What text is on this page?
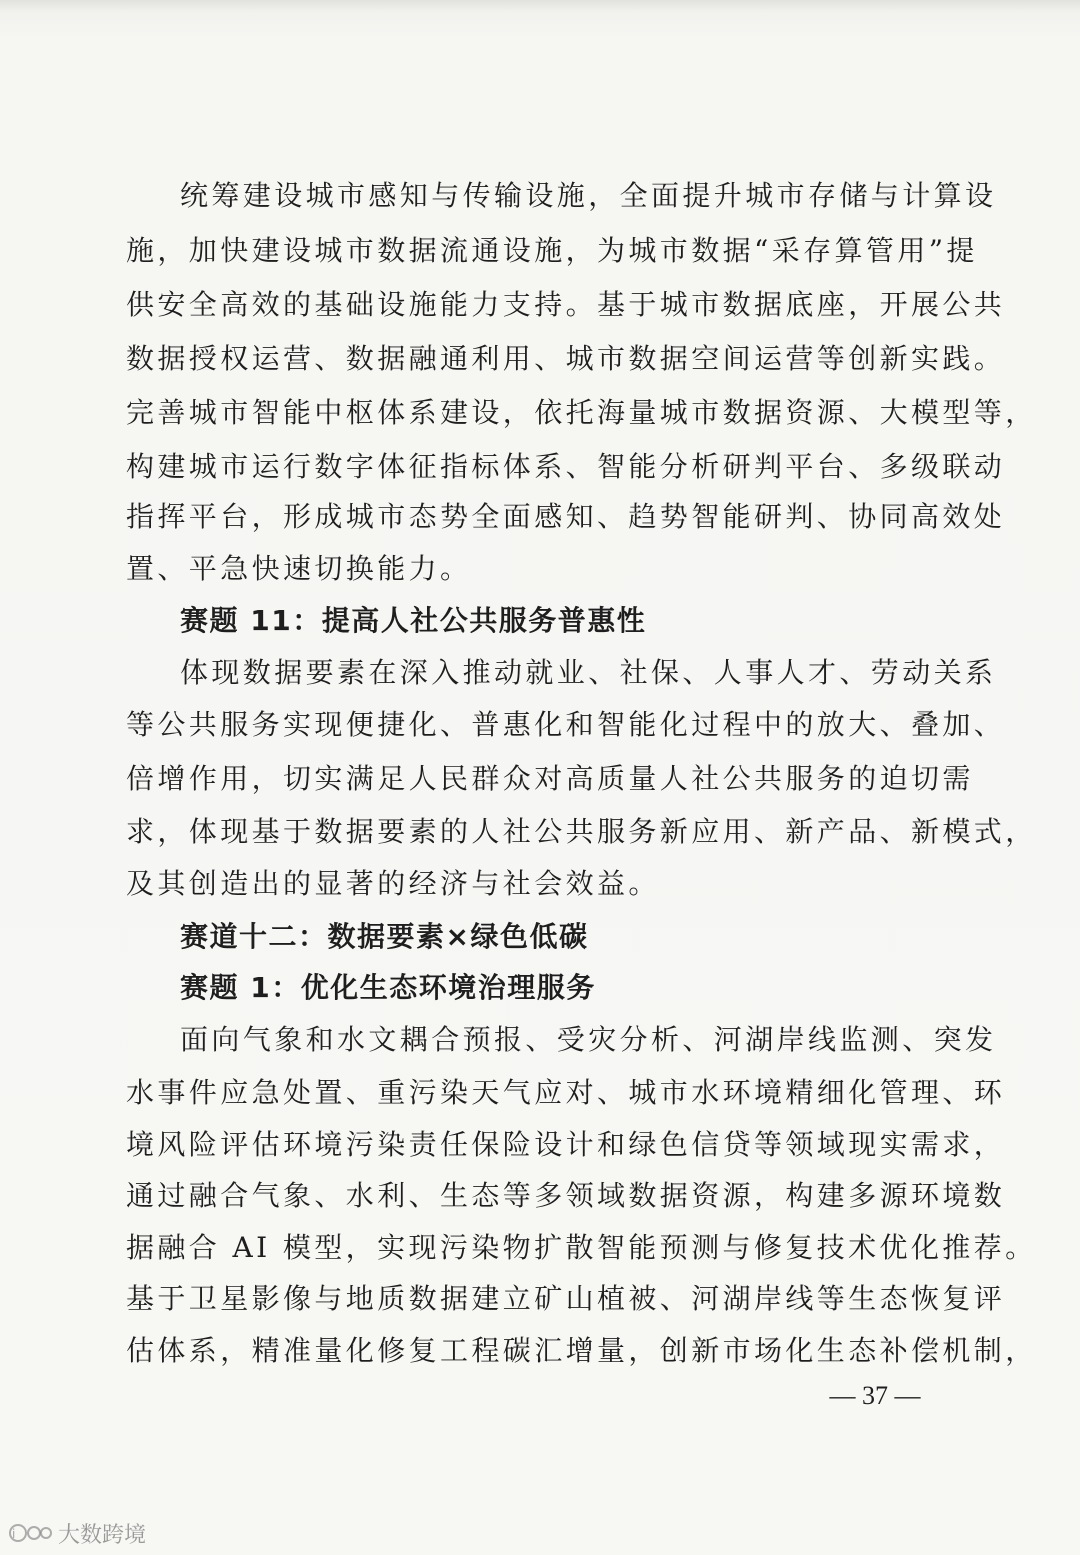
统筹建设城市感知与传输设施，全面提升城市存储与计算设
施，加快建设城市数据流通设施，为城市数据“采存算管用”提
供安全高效的基础设施能力支持。基于城市数据底座，开展公共
数据授权运营、数据融通利用、城市数据空间运营等创新实践。
完善城市智能中枢体系建设，依托海量城市数据资源、大模型等，
构建城市运行数字体征指标体系、智能分析研判平台、多级联动
指挥平台，形成城市态势全面感知、趋势智能研判、协同高效处
置、平急快速切换能力。
赛题 11：提高人社公共服务普惠性
体现数据要素在深入推动就业、社保、人事人才、劳动关系
等公共服务实现便捷化、普惠化和智能化过程中的放大、叠加、
倍增作用，切实满足人民群众对高质量人社公共服务的迫切需
求，体现基于数据要素的人社公共服务新应用、新产品、新模式，
及其创造出的显著的经济与社会效益。
赛道十二：数据要素×绿色低碳
赛题 1：优化生态环境治理服务
面向气象和水文耦合预报、受灾分析、河湖岸线监测、突发
水事件应急处置、重污染天气应对、城市水环境精细化管理、环
境风险评估环境污染责任保险设计和绿色信贷等领域现实需求，
通过融合气象、水利、生态等多领域数据资源，构建多源环境数
据融合 AI 模型，实现污染物扩散智能预测与修复技术优化推荐。
基于卫星影像与地质数据建立矿山植被、河湖岸线等生态恢复评
估体系，精准量化修复工程碳汇增量，创新市场化生态补偿机制，
— 37 —
i 大数跨境
